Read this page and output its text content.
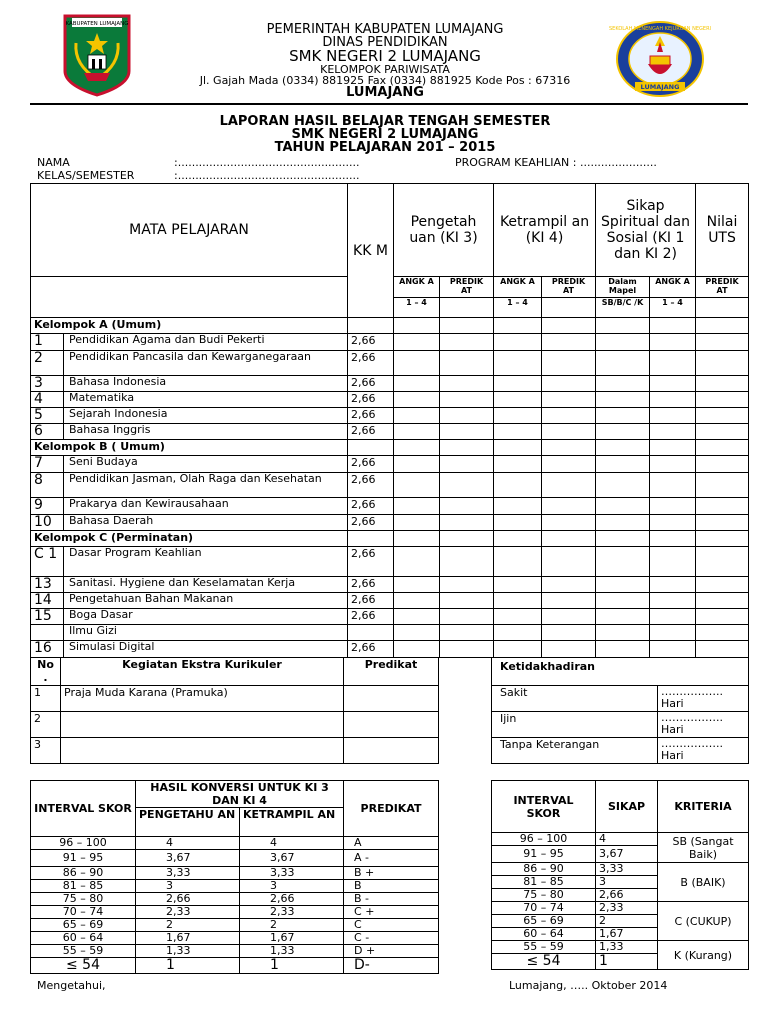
KABUPATEN LUMAJANG
SEKOLAH MENENGAH KEJURUAN NEGERI
LUMAJANG
PEMERINTAH KABUPATEN LUMAJANG
DINAS PENDIDIKAN
SMK NEGERI 2 LUMAJANG
KELOMPOK PARIWISATA
Jl. Gajah Mada (0334) 881925 Fax (0334) 881925 Kode Pos : 67316
LUMAJANG
LAPORAN HASIL BELAJAR TENGAH SEMESTER
SMK NEGERI 2 LUMAJANG
TAHUN PELAJARAN 201 – 2015
NAMA	:....................................................	PROGRAM KEAHLIAN : ......................
KELAS/SEMESTER	:....................................................
MATA PELAJARAN		KK M	Pengetah uan (KI 3)		Ketrampil an (KI 4)		Sikap Spiritual dan Sosial (KI 1 dan KI 2)		Nilai UTS
			ANGK A	PREDIK AT	ANGK A	PREDIK AT	Dalam Mapel	ANGK A	PREDIK AT
			1 – 4		1 – 4		SB/B/C /K	1 – 4	
Kelompok A (Umum)									
1	Pendidikan Agama dan Budi Pekerti	2,66							
2	Pendidikan Pancasila dan Kewarganegaraan	2,66							
3	Bahasa Indonesia	2,66							
4	Matematika	2,66							
5	Sejarah Indonesia	2,66							
6	Bahasa Inggris	2,66							
Kelompok B ( Umum)									
7	Seni Budaya	2,66							
8	Pendidikan Jasman, Olah Raga dan Kesehatan	2,66							
9	Prakarya dan Kewirausahaan	2,66							
10	Bahasa Daerah	2,66							
Kelompok C (Perminatan)									
C 1	Dasar Program Keahlian	2,66							
13	Sanitasi. Hygiene dan Keselamatan Kerja	2,66							
14	Pengetahuan Bahan Makanan	2,66							
15	Boga Dasar	2,66							
	Ilmu Gizi								
16	Simulasi Digital	2,66							
No .	Kegiatan Ekstra Kurikuler	Predikat
1	Praja Muda Karana (Pramuka)	
2		
3		
Ketidakhadiran	
Sakit	…………….. Hari
Ijin	…………….. Hari
Tanpa Keterangan	…………….. Hari
INTERVAL SKOR	HASIL KONVERSI UNTUK KI 3 DAN KI 4		PREDIKAT
	PENGETAHU AN	KETRAMPIL AN	
96 – 100	4	4	A
91 – 95	3,67	3,67	A -
86 – 90	3,33	3,33	B +
81 – 85	3	3	B
75 – 80	2,66	2,66	B -
70 – 74	2,33	2,33	C +
65 – 69	2	2	C
60 – 64	1,67	1,67	C -
55 – 59	1,33	1,33	D +
≤ 54	1	1	D-
INTERVAL SKOR	SIKAP	KRITERIA
96 – 100	4	SB (Sangat Baik)
91 – 95	3,67	
86 – 90	3,33	B (BAIK)
81 – 85	3	
75 – 80	2,66	
70 – 74	2,33	C (CUKUP)
65 – 69	2	
60 – 64	1,67	
55 – 59	1,33	K (Kurang)
≤ 54	1	
Mengetahui,	Lumajang, ….. Oktober 2014
